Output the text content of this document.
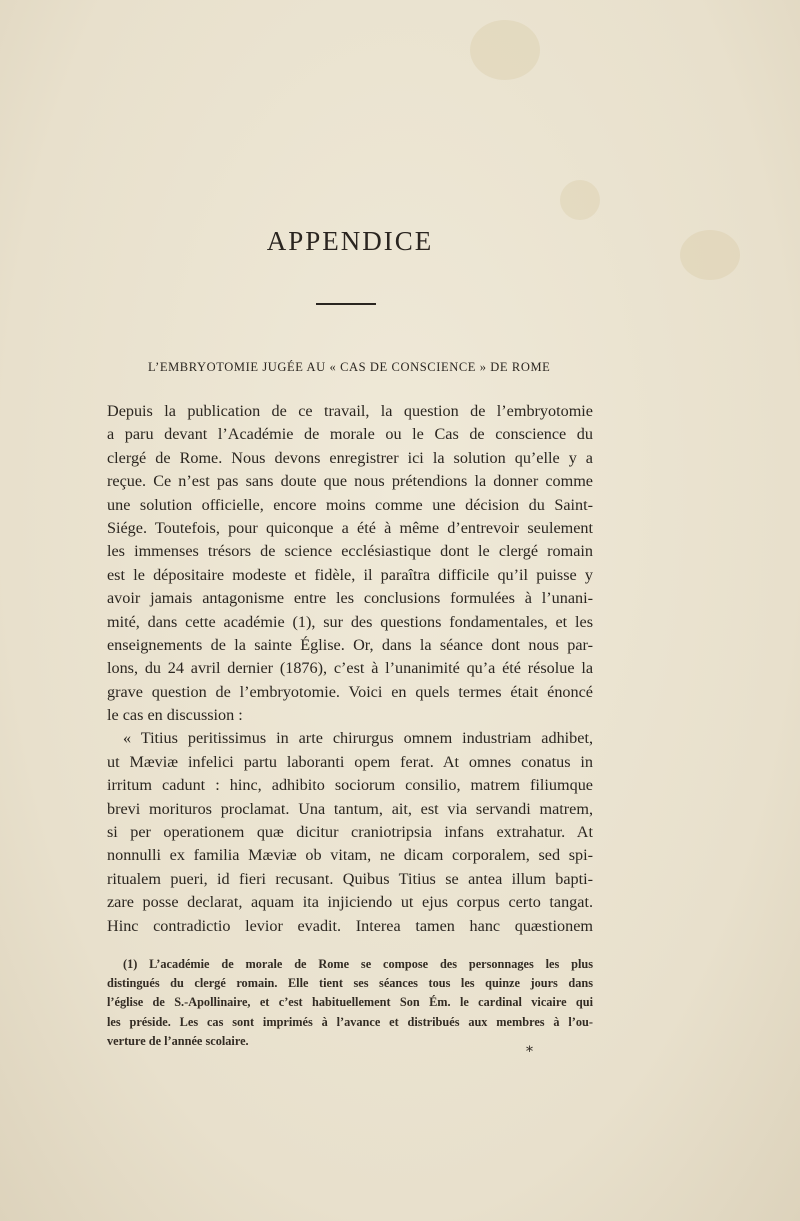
APPENDICE
L’EMBRYOTOMIE JUGÉE AU « CAS DE CONSCIENCE » DE ROME
Depuis la publication de ce travail, la question de l’embryotomie
a paru devant l’Académie de morale ou le Cas de conscience du
clergé de Rome. Nous devons enregistrer ici la solution qu’elle y a
reçue. Ce n’est pas sans doute que nous prétendions la donner comme
une solution officielle, encore moins comme une décision du Saint-
Siége. Toutefois, pour quiconque a été à même d’entrevoir seulement
les immenses trésors de science ecclésiastique dont le clergé romain
est le dépositaire modeste et fidèle, il paraîtra difficile qu’il puisse y
avoir jamais antagonisme entre les conclusions formulées à l’unani-
mité, dans cette académie (1), sur des questions fondamentales, et les
enseignements de la sainte Église. Or, dans la séance dont nous par-
lons, du 24 avril dernier (1876), c’est à l’unanimité qu’a été résolue la
grave question de l’embryotomie. Voici en quels termes était énoncé
le cas en discussion :
« Titius peritissimus in arte chirurgus omnem industriam adhibet,
ut Mæviæ infelici partu laboranti opem ferat. At omnes conatus in
irritum cadunt : hinc, adhibito sociorum consilio, matrem filiumque
brevi morituros proclamat. Una tantum, ait, est via servandi matrem,
si per operationem quæ dicitur craniotripsia infans extrahatur. At
nonnulli ex familia Mæviæ ob vitam, ne dicam corporalem, sed spi-
ritualem pueri, id fieri recusant. Quibus Titius se antea illum bapti-
zare posse declarat, aquam ita injiciendo ut ejus corpus certo tangat.
Hinc contradictio levior evadit. Interea tamen hanc quæstionem
(1) L’académie de morale de Rome se compose des personnages les plus
distingués du clergé romain. Elle tient ses séances tous les quinze jours dans
l’église de S.-Apollinaire, et c’est habituellement Son Ém. le cardinal vicaire qui
les préside. Les cas sont imprimés à l’avance et distribués aux membres à l’ou-
verture de l’année scolaire.
*
